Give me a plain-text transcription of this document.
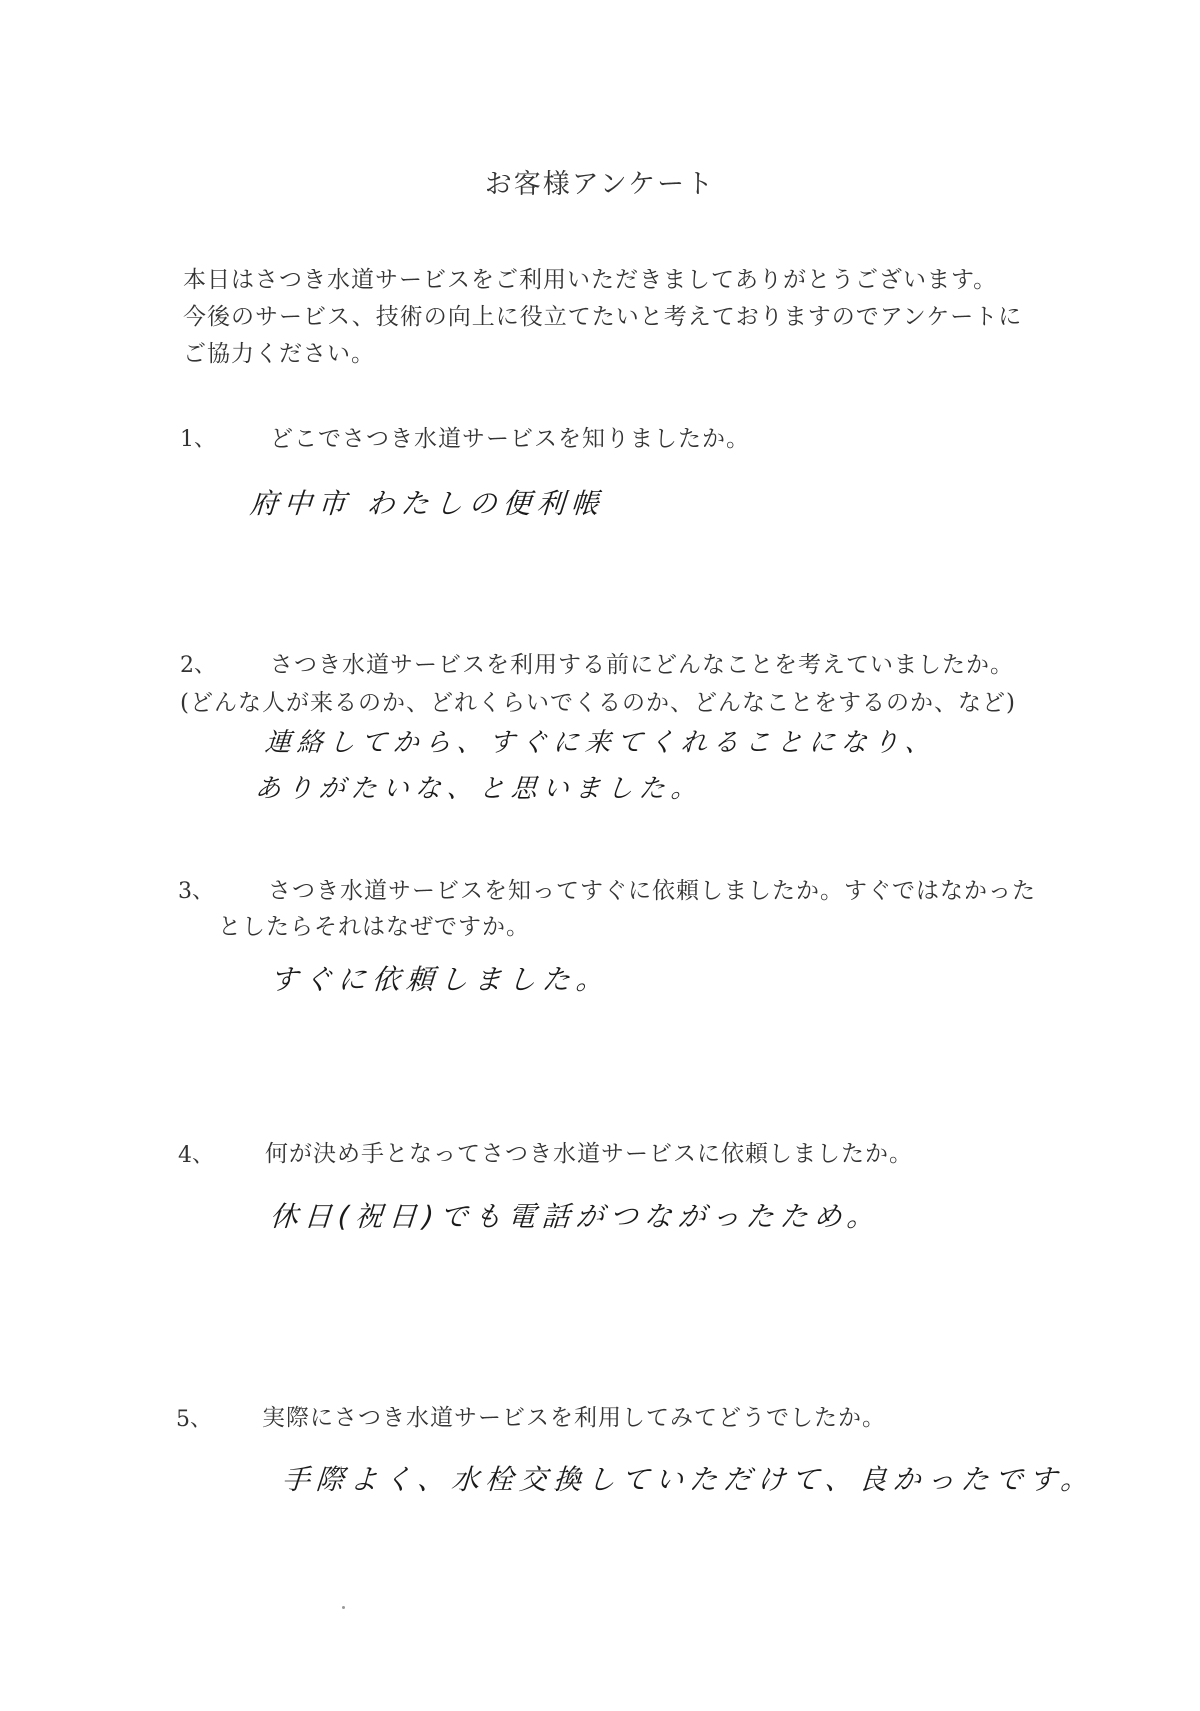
お客様アンケート
本日はさつき水道サービスをご利用いただきましてありがとうございます。
今後のサービス、技術の向上に役立てたいと考えておりますのでアンケートに
ご協力ください。
1、 どこでさつき水道サービスを知りましたか。
府中市 わたしの便利帳
2、 さつき水道サービスを利用する前にどんなことを考えていましたか。
(どんな人が来るのか、どれくらいでくるのか、どんなことをするのか、など)
連絡してから、すぐに来てくれることになり、
ありがたいな、と思いました。
3、 さつき水道サービスを知ってすぐに依頼しましたか。すぐではなかった
としたらそれはなぜですか。
すぐに依頼しました。
4、 何が決め手となってさつき水道サービスに依頼しましたか。
休日(祝日)でも電話がつながったため。
5、 実際にさつき水道サービスを利用してみてどうでしたか。
手際よく、水栓交換していただけて、良かったです。
